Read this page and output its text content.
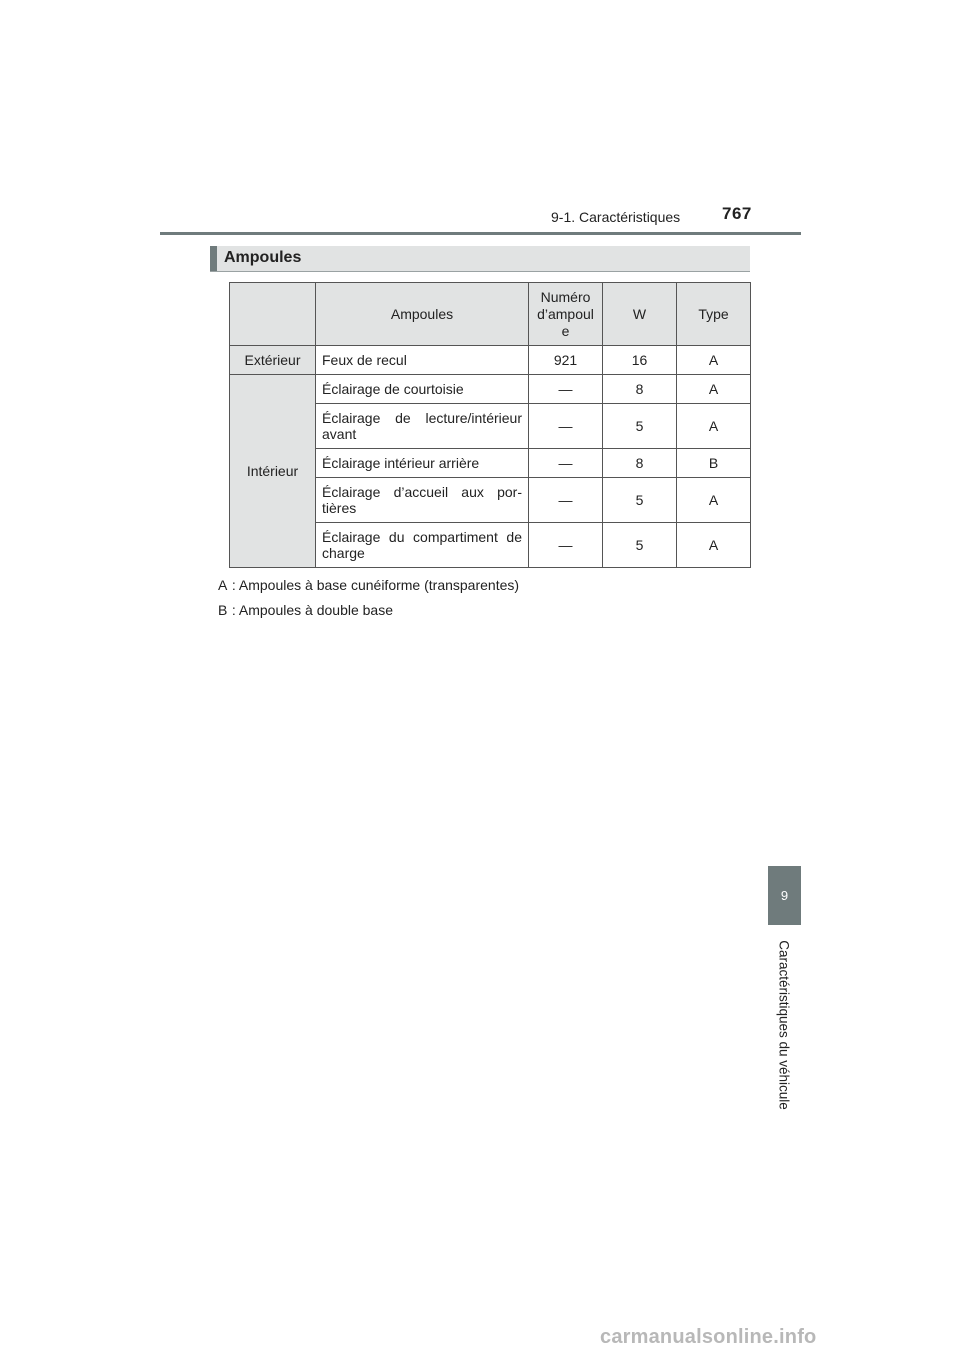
9-1. Caractéristiques 767
Ampoules
	Ampoules	Numéro d’ampoul e	W	Type
Extérieur	Feux de recul	921	16	A
Intérieur	Éclairage de courtoisie	—	8	A
	Éclairage de lecture/intérieur avant	—	5	A
	Éclairage intérieur arrière	—	8	B
	Éclairage d’accueil aux por-tières	—	5	A
	Éclairage du compartiment de charge	—	5	A
A : Ampoules à base cunéiforme (transparentes)
B : Ampoules à double base
9
Caractéristiques du véhicule
carmanualsonline.info
